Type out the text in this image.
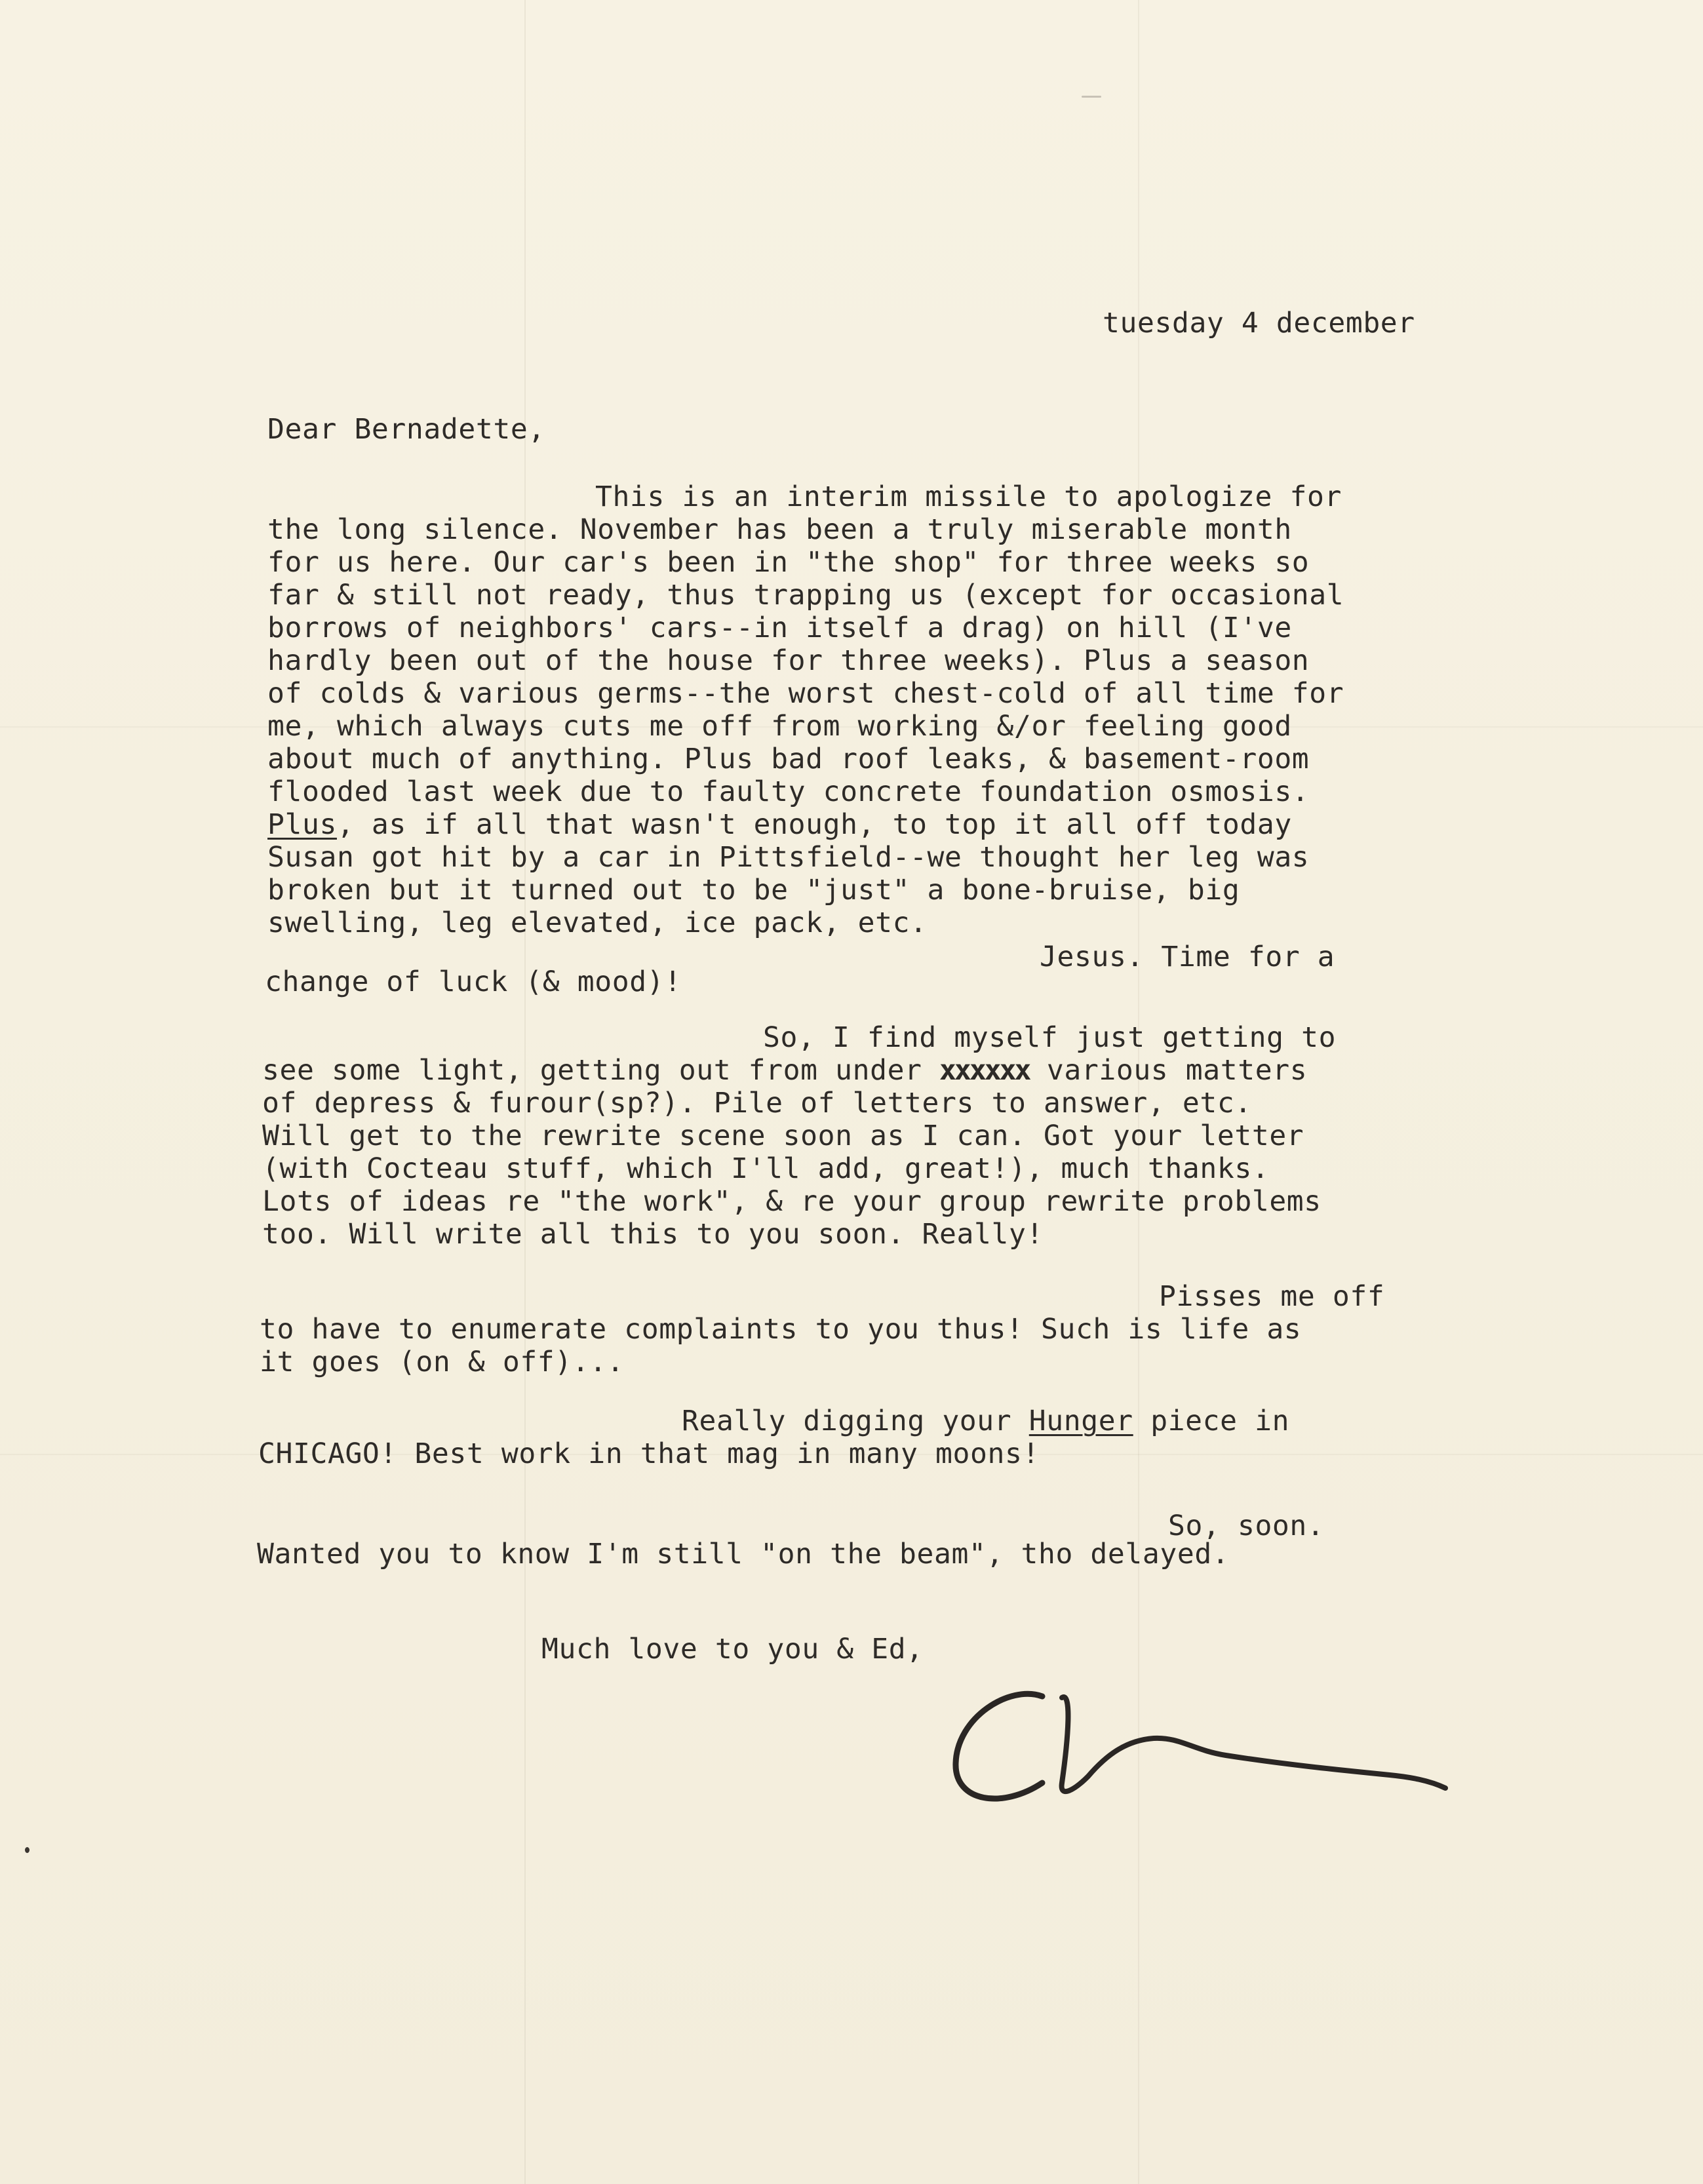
tuesday 4 december
Dear Bernadette,
This is an interim missile to apologize for
the long silence. November has been a truly miserable month
for us here. Our car's been in "the shop" for three weeks so
far & still not ready, thus trapping us (except for occasional
borrows of neighbors' cars--in itself a drag) on hill (I've
hardly been out of the house for three weeks). Plus a season
of colds & various germs--the worst chest-cold of all time for
me, which always cuts me off from working &/or feeling good
about much of anything. Plus bad roof leaks, & basement-room
flooded last week due to faulty concrete foundation osmosis.
Plus, as if all that wasn't enough, to top it all off today
Susan got hit by a car in Pittsfield--we thought her leg was
broken but it turned out to be "just" a bone-bruise, big
swelling, leg elevated, ice pack, etc.
Jesus. Time for a
change of luck (& mood)!
So, I find myself just getting to
see some light, getting out from under xxxxxx various matters
of depress & furour(sp?). Pile of letters to answer, etc.
Will get to the rewrite scene soon as I can. Got your letter
(with Cocteau stuff, which I'll add, great!), much thanks.
Lots of ideas re "the work", & re your group rewrite problems
too. Will write all this to you soon. Really!
Pisses me off
to have to enumerate complaints to you thus! Such is life as
it goes (on & off)...
Really digging your Hunger piece in
CHICAGO! Best work in that mag in many moons!
So, soon.
Wanted you to know I'm still "on the beam", tho delayed.
Much love to you & Ed,
